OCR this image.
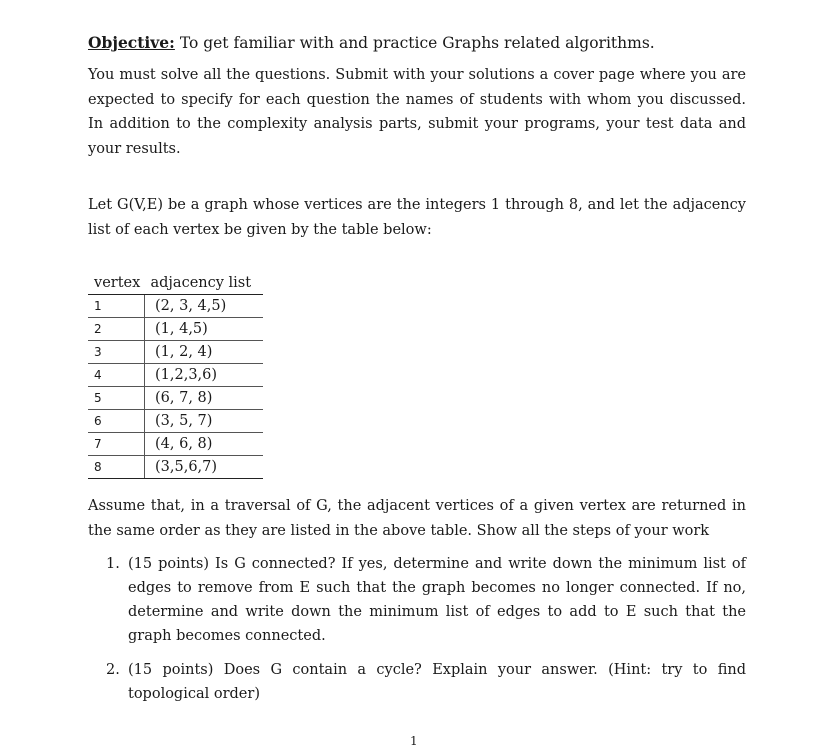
Objective: To get familiar with and practice Graphs related algorithms.
You must solve all the questions. Submit with your solutions a cover page where you are expected to specify for each question the names of students with whom you discussed. In addition to the complexity analysis parts, submit your programs, your test data and your results.
Let G(V,E) be a graph whose vertices are the integers 1 through 8, and let the adjacency list of each vertex be given by the table below:
vertex	adjacency list
1	(2, 3, 4,5)
2	(1, 4,5)
3	(1, 2, 4)
4	(1,2,3,6)
5	(6, 7, 8)
6	(3, 5, 7)
7	(4, 6, 8)
8	(3,5,6,7)
Assume that, in a traversal of G, the adjacent vertices of a given vertex are returned in the same order as they are listed in the above table. Show all the steps of your work
1. (15 points) Is G connected? If yes, determine and write down the minimum list of edges to remove from E such that the graph becomes no longer connected. If no, determine and write down the minimum list of edges to add to E such that the graph becomes connected.
2. (15 points) Does G contain a cycle? Explain your answer. (Hint: try to find topological order)
1
